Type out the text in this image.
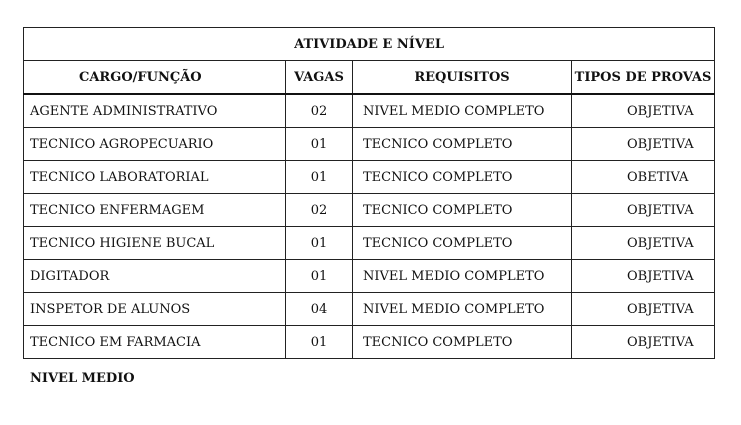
ATIVIDADE E NÍVEL			
CARGO/FUNÇÃO	VAGAS	REQUISITOS	TIPOS DE PROVAS
AGENTE ADMINISTRATIVO	02	NIVEL MEDIO COMPLETO	OBJETIVA
TECNICO AGROPECUARIO	01	TECNICO COMPLETO	OBJETIVA
TECNICO LABORATORIAL	01	TECNICO COMPLETO	OBETIVA
TECNICO ENFERMAGEM	02	TECNICO COMPLETO	OBJETIVA
TECNICO HIGIENE BUCAL	01	TECNICO COMPLETO	OBJETIVA
DIGITADOR	01	NIVEL MEDIO COMPLETO	OBJETIVA
INSPETOR DE ALUNOS	04	NIVEL MEDIO COMPLETO	OBJETIVA
TECNICO EM FARMACIA	01	TECNICO COMPLETO	OBJETIVA
NIVEL MEDIO
